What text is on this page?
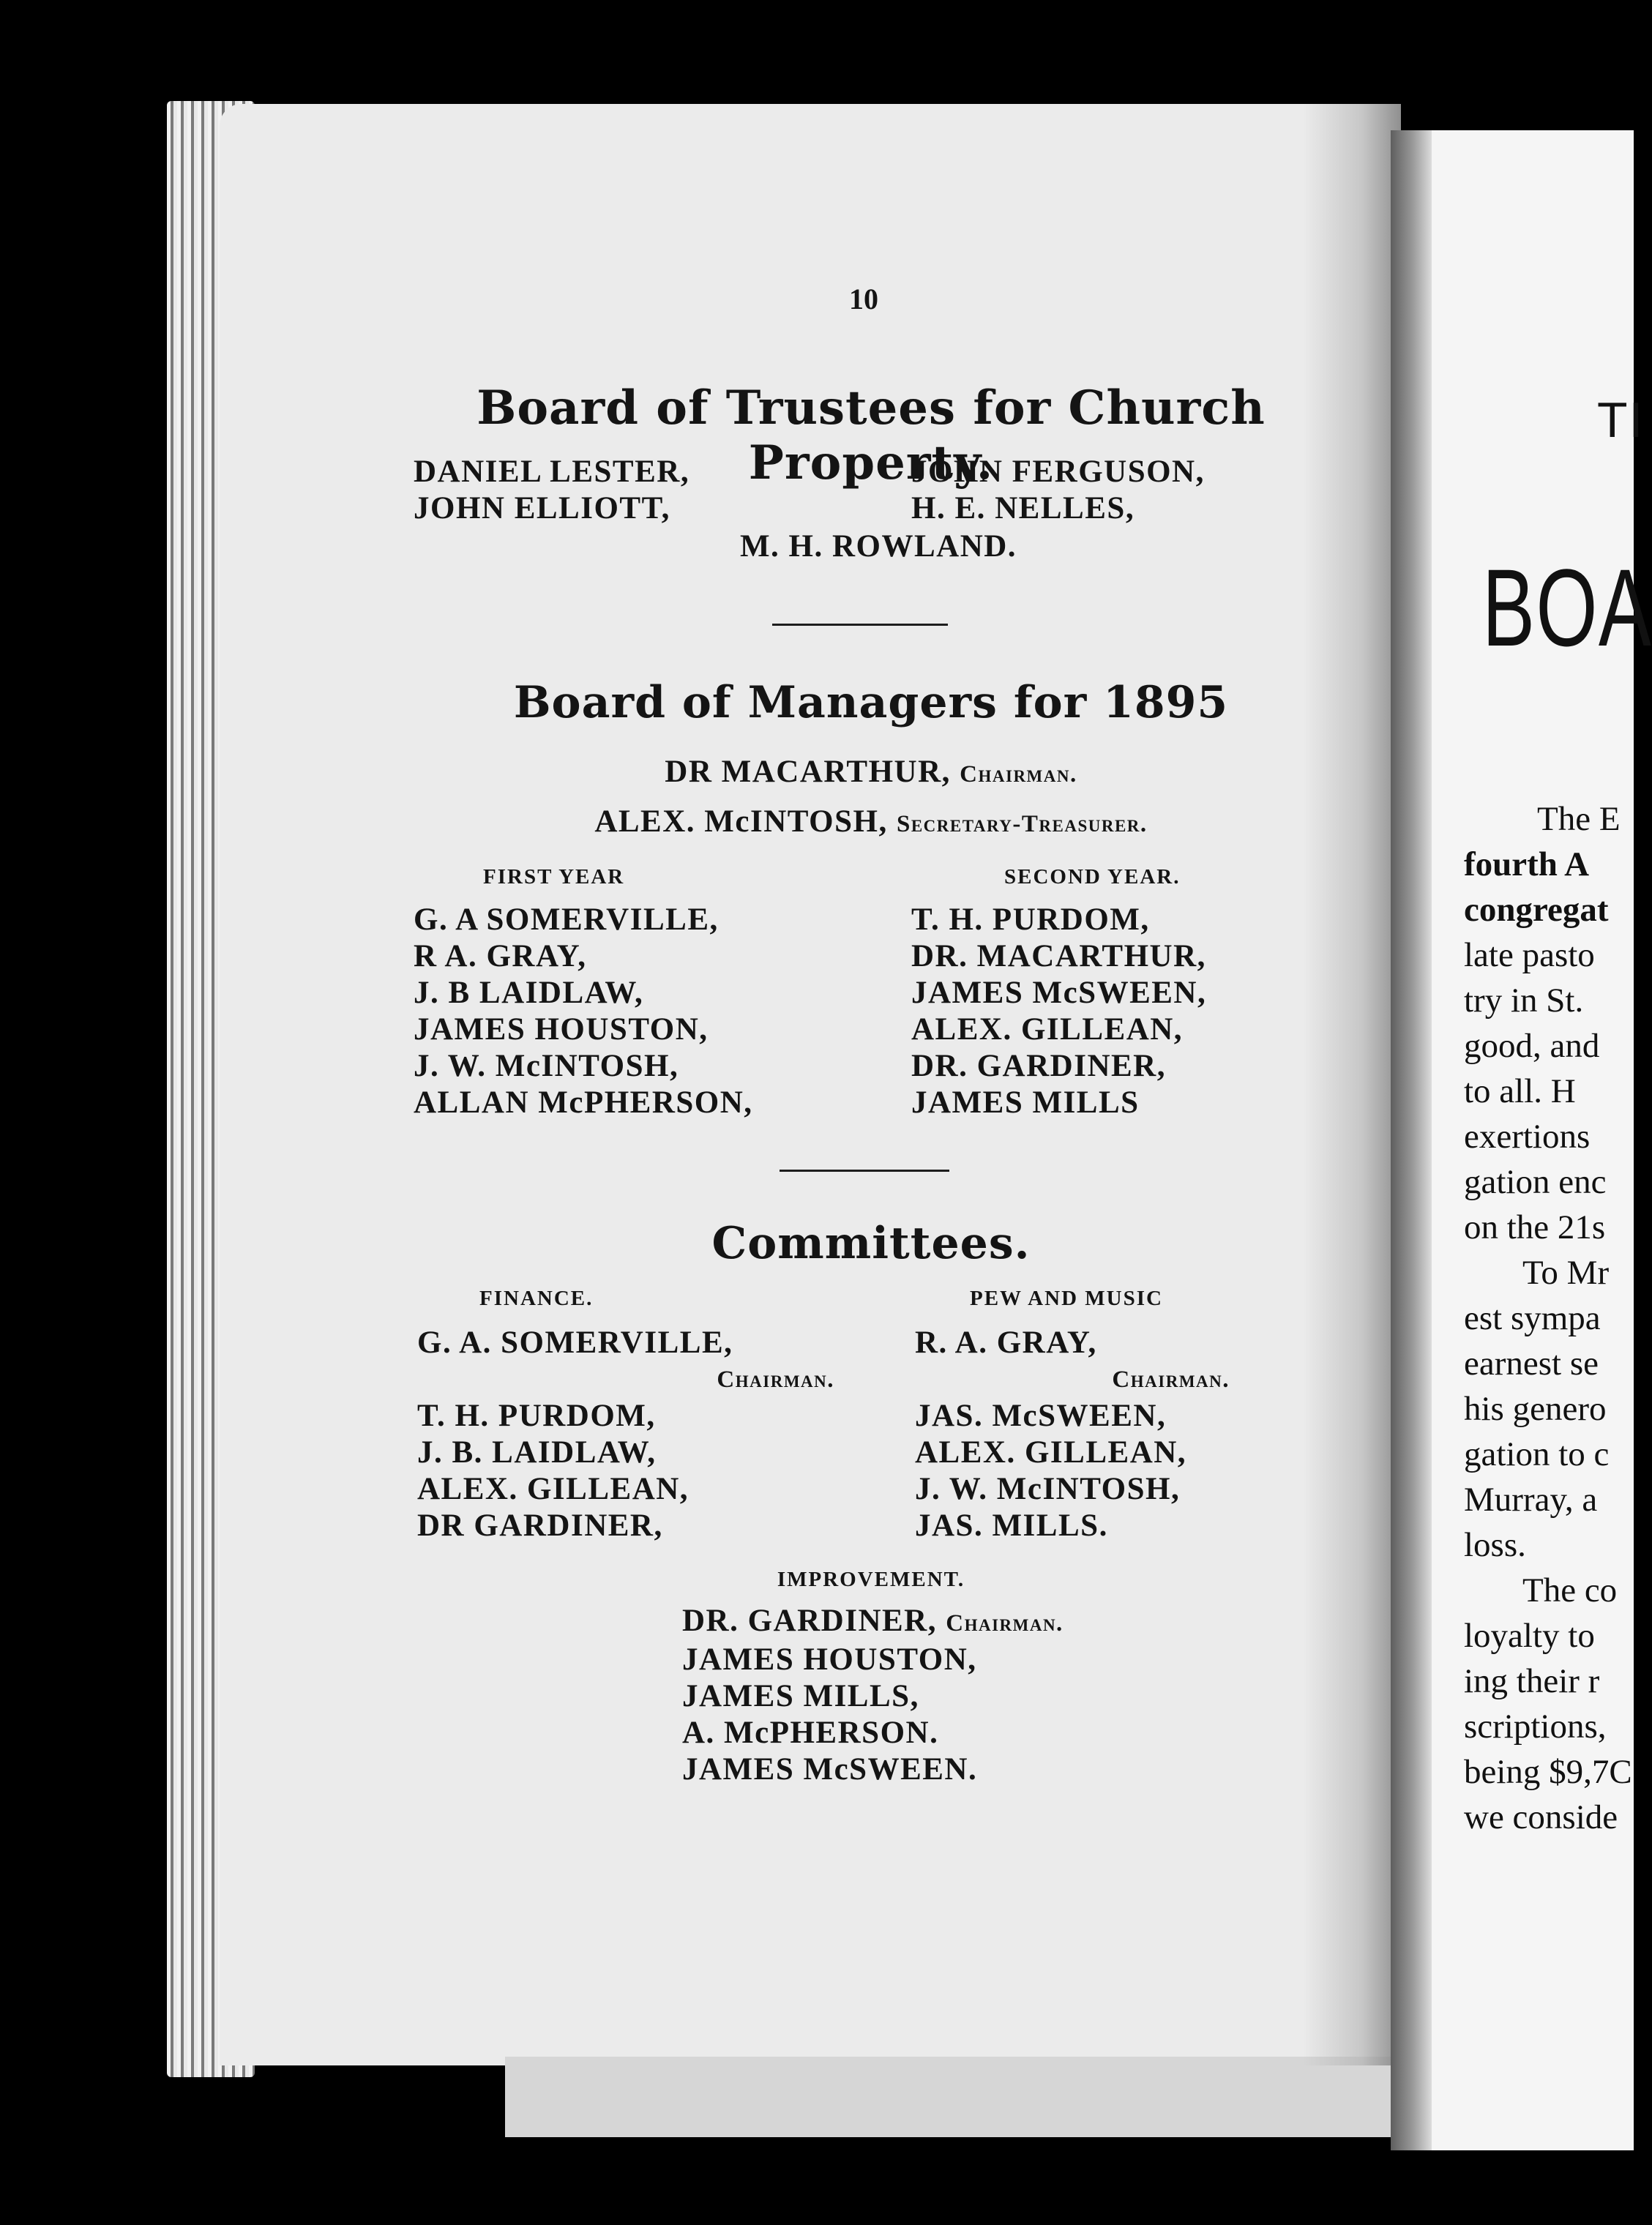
10
Board of Trustees for Church Property.
DANIEL LESTER,
JOHN ELLIOTT,
JOHN FERGUSON,
H. E. NELLES,
M. H. ROWLAND.
Board of Managers for 1895
DR MACARTHUR, Chairman.
ALEX. McINTOSH, Secretary-Treasurer.
FIRST YEAR	SECOND YEAR.
G. A SOMERVILLE,
R A. GRAY,
J. B LAIDLAW,
JAMES HOUSTON,
J. W. McINTOSH,
ALLAN McPHERSON,
T. H. PURDOM,
DR. MACARTHUR,
JAMES McSWEEN,
ALEX. GILLEAN,
DR. GARDINER,
JAMES MILLS
Committees.
FINANCE.	PEW AND MUSIC
G. A. SOMERVILLE,
Chairman.
T. H. PURDOM,
J. B. LAIDLAW,
ALEX. GILLEAN,
DR GARDINER,
R. A. GRAY,
Chairman.
JAS. McSWEEN,
ALEX. GILLEAN,
J. W. McINTOSH,
JAS. MILLS.
IMPROVEMENT.
DR. GARDINER, Chairman.
JAMES HOUSTON,
JAMES MILLS,
A. McPHERSON.
JAMES McSWEEN.
TI
BOA
The E
fourth A
congregat
late pasto
try in St.
good, and
to all. H
exertions
gation enc
on the 21s
To Mr
est sympa
earnest se
his genero
gation to c
Murray, a
loss.
The co
loyalty to
ing their r
scriptions,
being $9,7C
we conside
